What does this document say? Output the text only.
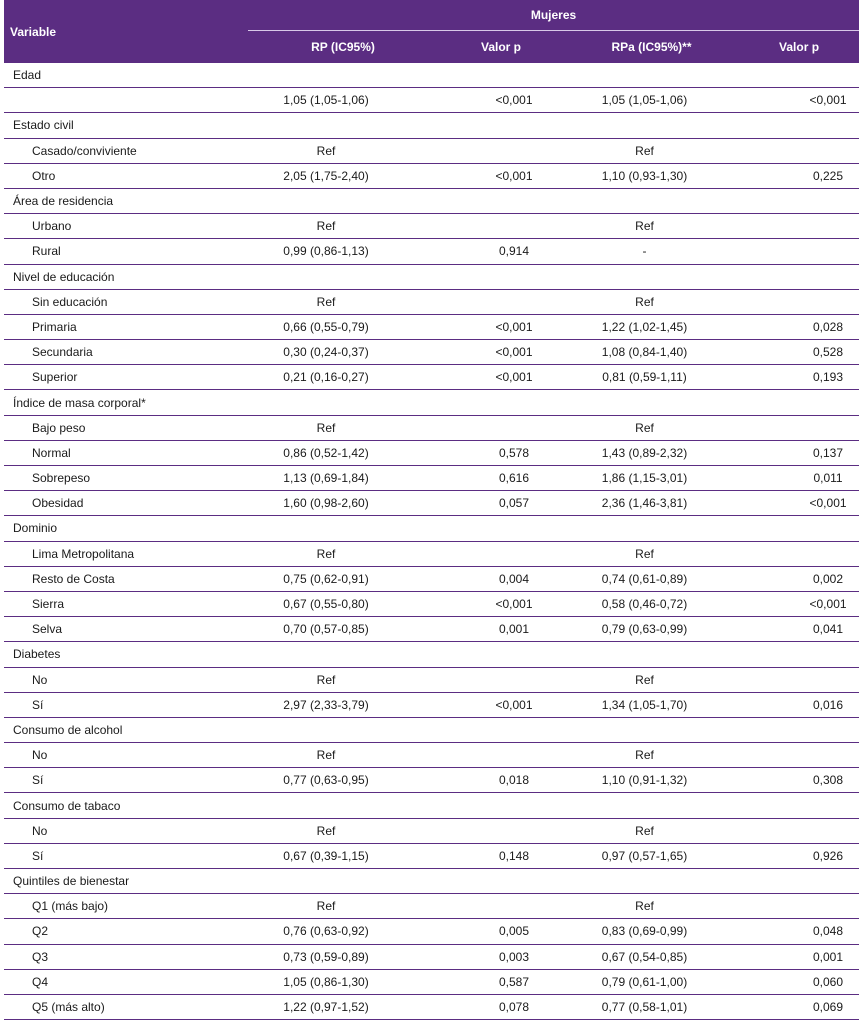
Variable	Mujeres			
	RP (IC95%)	Valor p	RPa (IC95%)**	Valor p
Edad				
	1,05 (1,05-1,06)	<0,001	1,05 (1,05-1,06)	<0,001
Estado civil				
Casado/conviviente	Ref		Ref	
Otro	2,05 (1,75-2,40)	<0,001	1,10 (0,93-1,30)	0,225
Área de residencia				
Urbano	Ref		Ref	
Rural	0,99 (0,86-1,13)	0,914	-	
Nivel de educación				
Sin educación	Ref		Ref	
Primaria	0,66 (0,55-0,79)	<0,001	1,22 (1,02-1,45)	0,028
Secundaria	0,30 (0,24-0,37)	<0,001	1,08 (0,84-1,40)	0,528
Superior	0,21 (0,16-0,27)	<0,001	0,81 (0,59-1,11)	0,193
Índice de masa corporal*				
Bajo peso	Ref		Ref	
Normal	0,86 (0,52-1,42)	0,578	1,43 (0,89-2,32)	0,137
Sobrepeso	1,13 (0,69-1,84)	0,616	1,86 (1,15-3,01)	0,011
Obesidad	1,60 (0,98-2,60)	0,057	2,36 (1,46-3,81)	<0,001
Dominio				
Lima Metropolitana	Ref		Ref	
Resto de Costa	0,75 (0,62-0,91)	0,004	0,74 (0,61-0,89)	0,002
Sierra	0,67 (0,55-0,80)	<0,001	0,58 (0,46-0,72)	<0,001
Selva	0,70 (0,57-0,85)	0,001	0,79 (0,63-0,99)	0,041
Diabetes				
No	Ref		Ref	
Sí	2,97 (2,33-3,79)	<0,001	1,34 (1,05-1,70)	0,016
Consumo de alcohol				
No	Ref		Ref	
Sí	0,77 (0,63-0,95)	0,018	1,10 (0,91-1,32)	0,308
Consumo de tabaco				
No	Ref		Ref	
Sí	0,67 (0,39-1,15)	0,148	0,97 (0,57-1,65)	0,926
Quintiles de bienestar				
Q1 (más bajo)	Ref		Ref	
Q2	0,76 (0,63-0,92)	0,005	0,83 (0,69-0,99)	0,048
Q3	0,73 (0,59-0,89)	0,003	0,67 (0,54-0,85)	0,001
Q4	1,05 (0,86-1,30)	0,587	0,79 (0,61-1,00)	0,060
Q5 (más alto)	1,22 (0,97-1,52)	0,078	0,77 (0,58-1,01)	0,069
